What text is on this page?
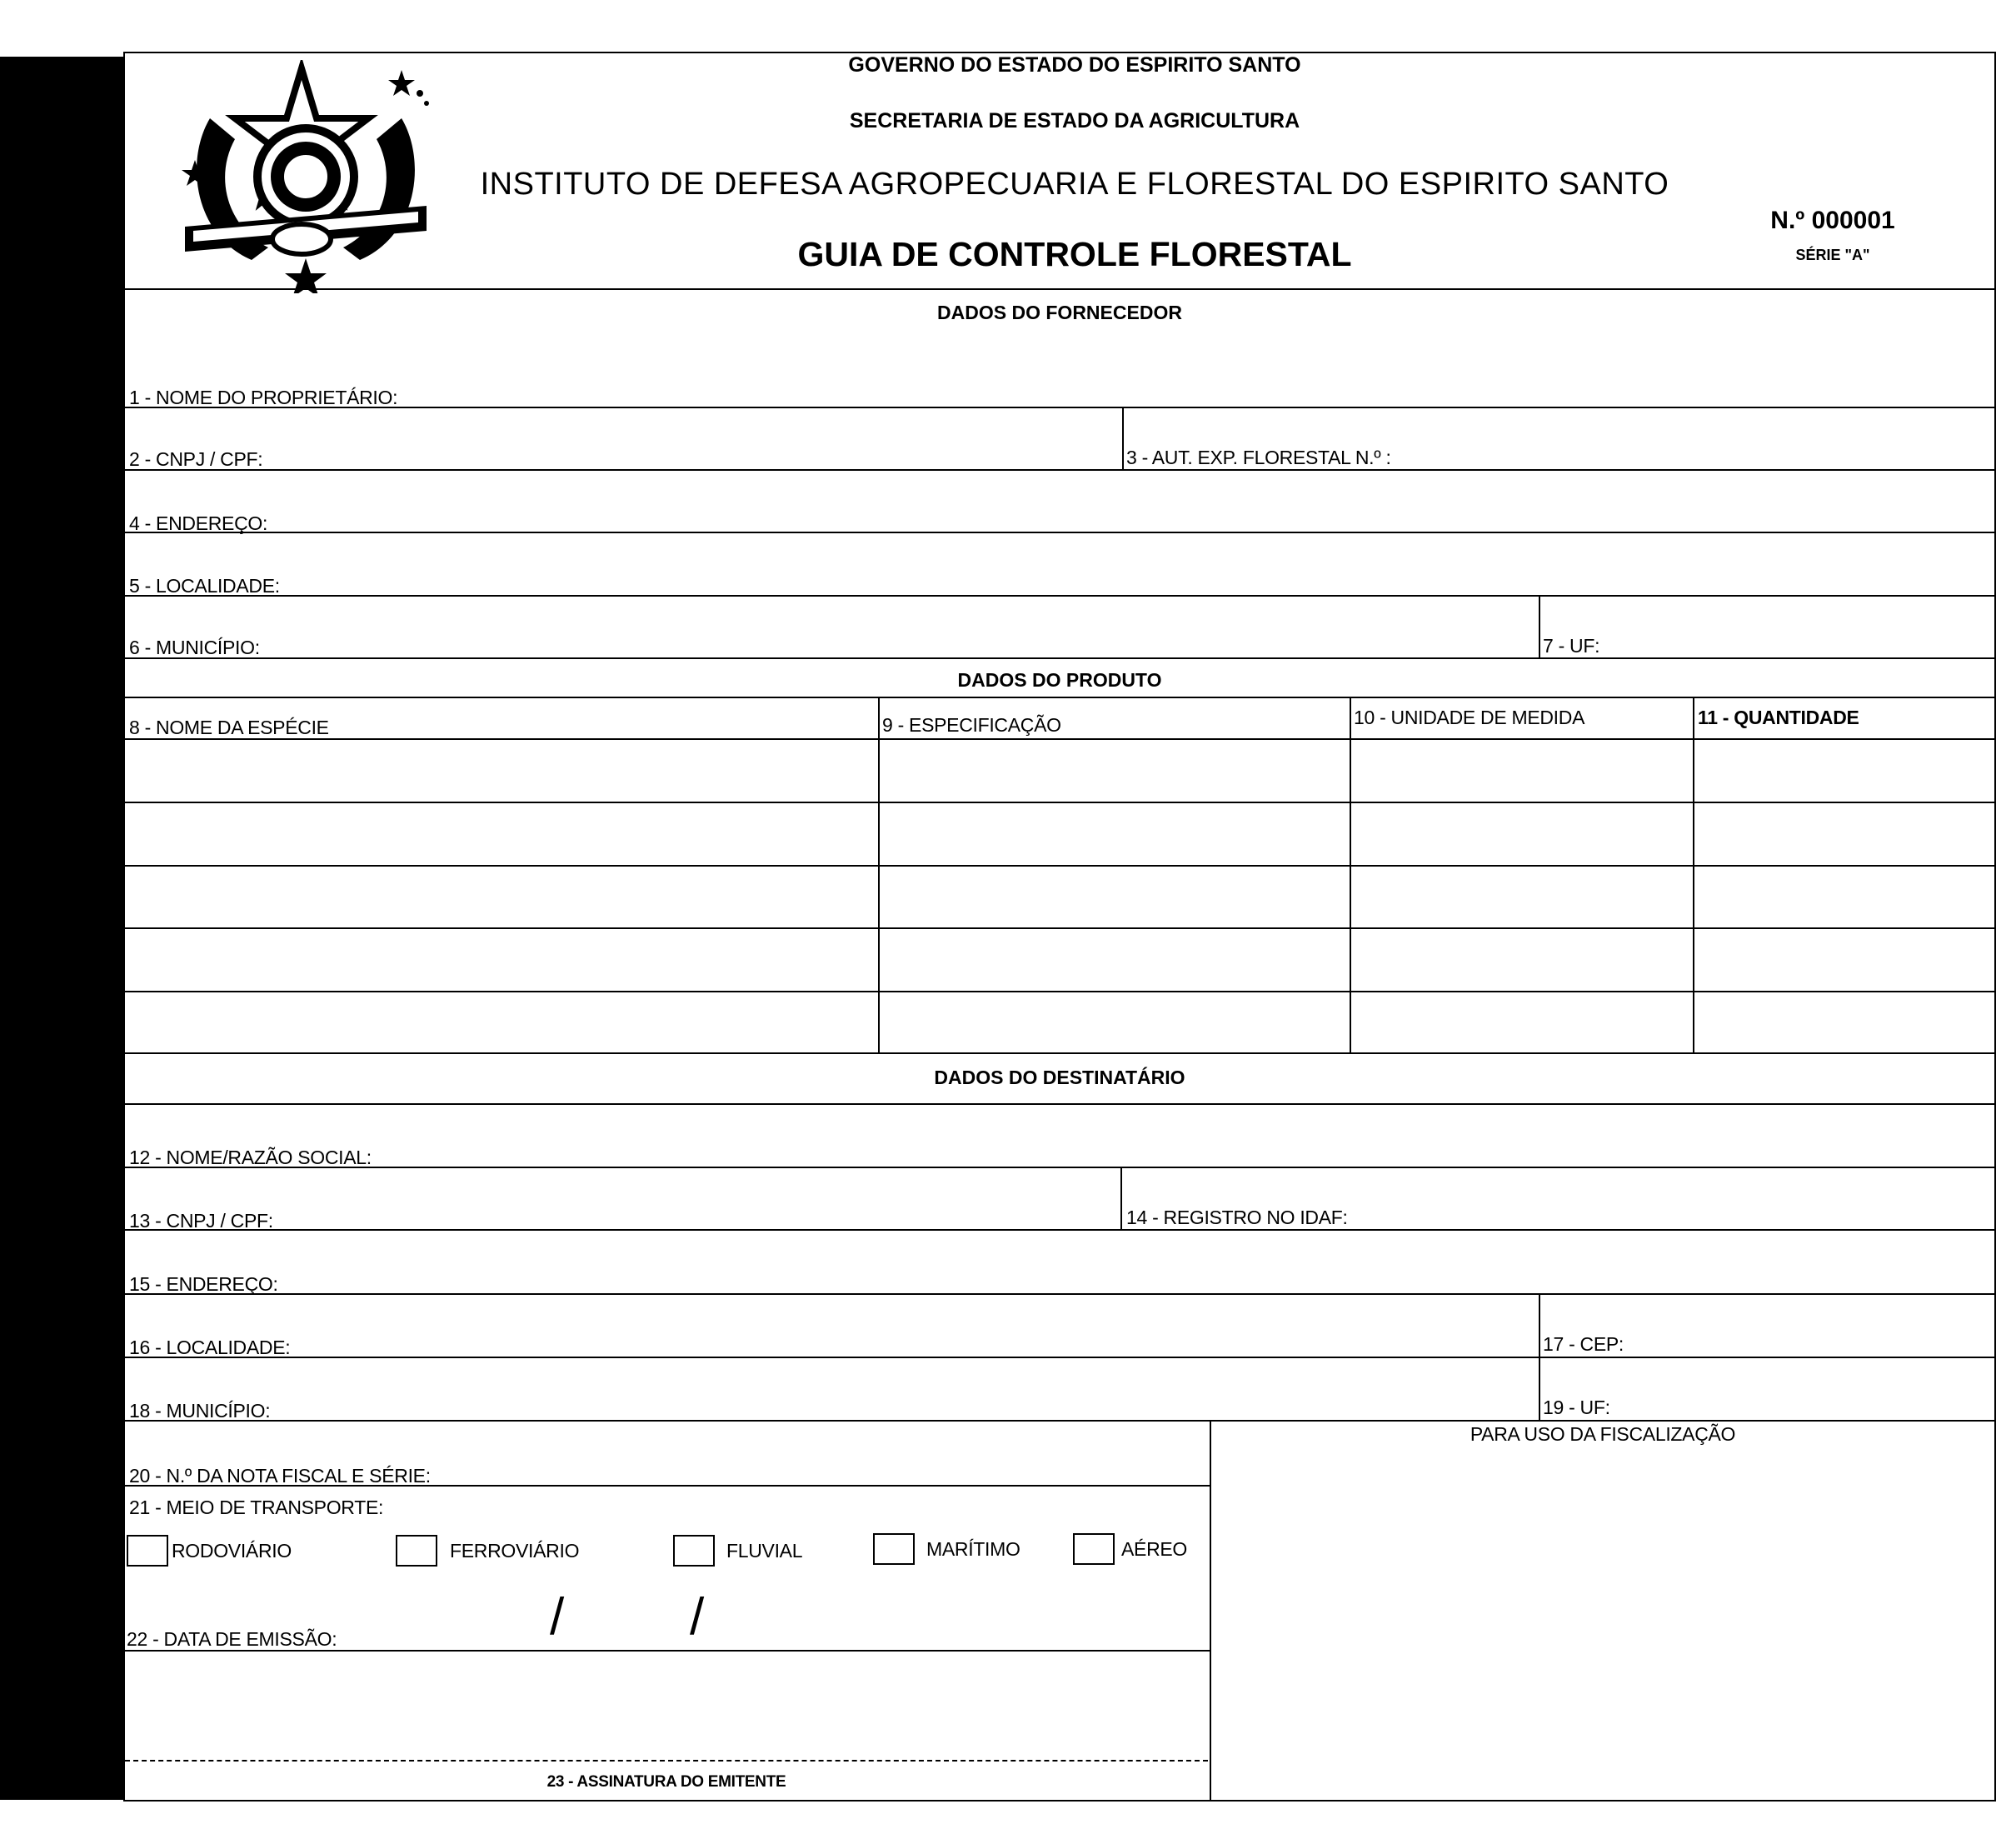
GOVERNO DO ESTADO DO ESPIRITO SANTO
SECRETARIA DE ESTADO DA AGRICULTURA
INSTITUTO DE DEFESA AGROPECUARIA E FLORESTAL DO ESPIRITO SANTO
GUIA DE CONTROLE FLORESTAL
N.º 000001
SÉRIE "A"
DADOS DO FORNECEDOR
1 - NOME DO PROPRIETÁRIO:
2 - CNPJ / CPF:	3 - AUT. EXP. FLORESTAL N.º :
4 - ENDEREÇO:
5 - LOCALIDADE:
6 - MUNICÍPIO:	7 - UF:
DADOS DO PRODUTO
8 - NOME DA ESPÉCIE	9 - ESPECIFICAÇÃO	10 - UNIDADE DE MEDIDA	11 - QUANTIDADE
DADOS DO DESTINATÁRIO
12 - NOME/RAZÃO SOCIAL:
13 - CNPJ / CPF:	14 - REGISTRO NO IDAF:
15 - ENDEREÇO:
16 - LOCALIDADE:	17 - CEP:
18 - MUNICÍPIO:	19 - UF:
PARA USO DA FISCALIZAÇÃO
20 - N.º DA NOTA FISCAL E SÉRIE:
21 - MEIO DE TRANSPORTE:
RODOVIÁRIO	FERROVIÁRIO	FLUVIAL	MARÍTIMO	AÉREO
22 - DATA DE EMISSÃO:	/ /
23 - ASSINATURA DO EMITENTE
